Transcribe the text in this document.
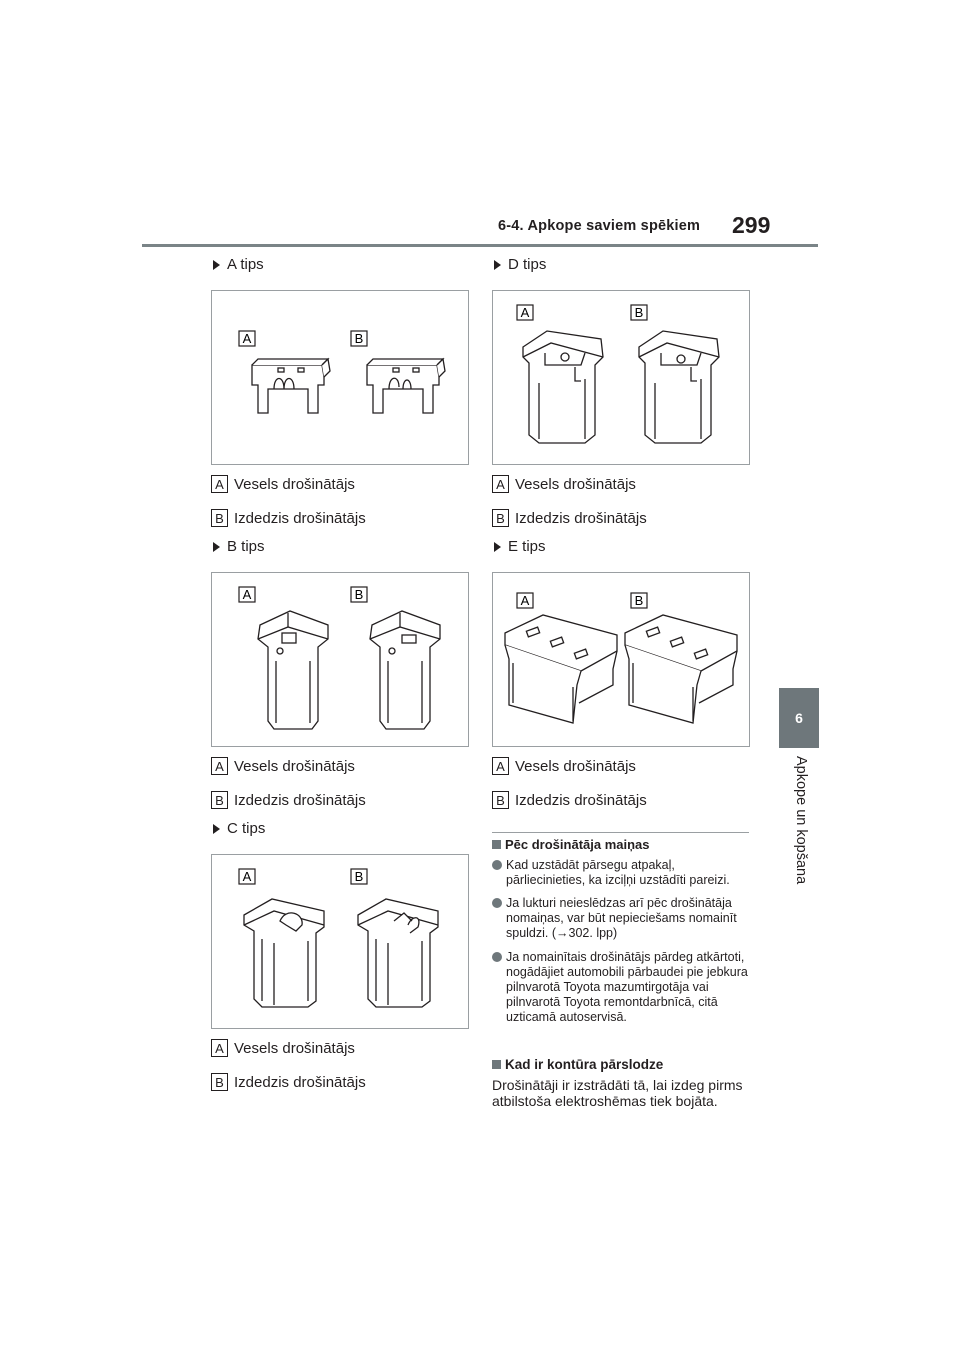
6-4. Apkope saviem spēkiem 299
6
Apkope un kopšana
A tips
A	B
A Vesels drošinātājs
B Izdedzis drošinātājs
B tips
A	B
A Vesels drošinātājs
B Izdedzis drošinātājs
C tips
A	B
A Vesels drošinātājs
B Izdedzis drošinātājs
D tips
A	B
A Vesels drošinātājs
B Izdedzis drošinātājs
E tips
A	B
A Vesels drošinātājs
B Izdedzis drošinātājs
Pēc drošinātāja maiņas
Kad uzstādāt pārsegu atpakaļ, pārliecinieties, ka izciļņi uzstādīti pareizi.
Ja lukturi neieslēdzas arī pēc drošinātāja nomaiņas, var būt nepieciešams nomainīt spuldzi. (→302. lpp)
Ja nomainītais drošinātājs pārdeg atkārtoti, nogādājiet automobili pārbaudei pie jebkura pilnvarotā Toyota mazumtirgotāja vai pilnvarotā Toyota remontdarbnīcā, citā uzticamā autoservisā.
Kad ir kontūra pārslodze
Drošinātāji ir izstrādāti tā, lai izdeg pirms atbilstoša elektroshēmas tiek bojāta.
